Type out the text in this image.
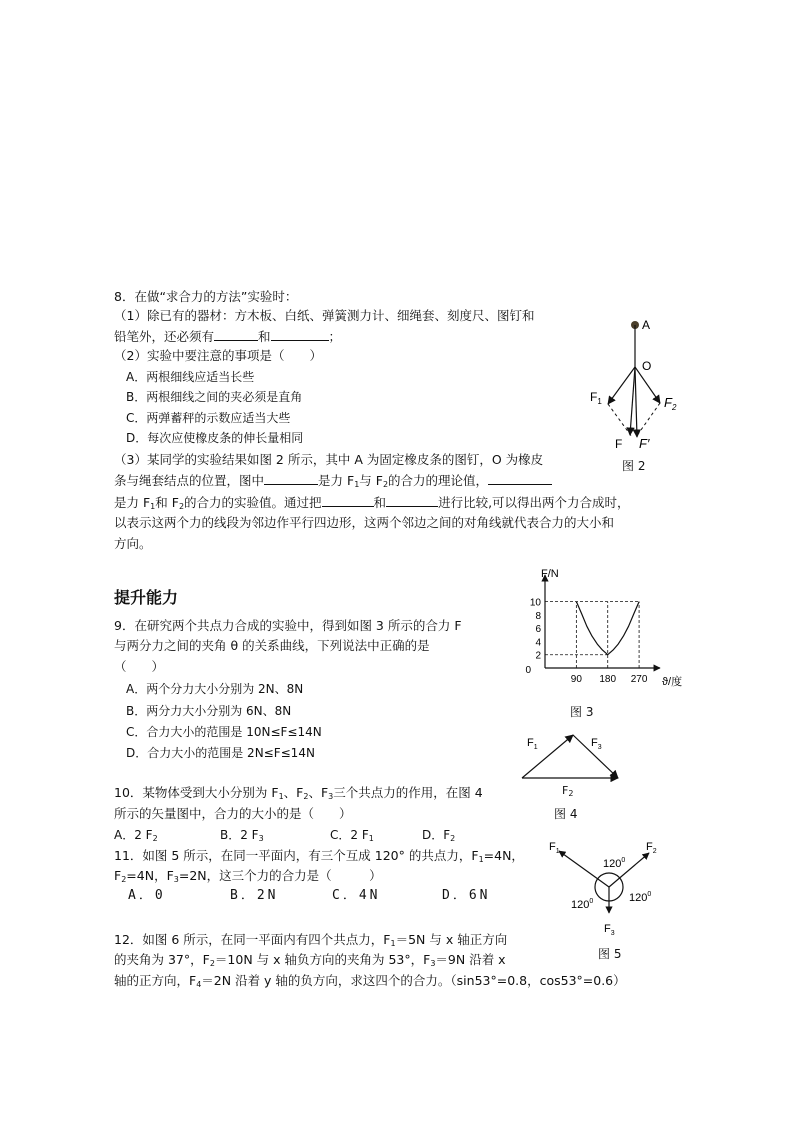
8．在做“求合力的方法”实验时：
（1）除已有的器材：方木板、白纸、弹簧测力计、细绳套、刻度尺、图钉和
铅笔外，还必须有	和	；
（2）实验中要注意的事项是（　　）
A．两根细线应适当长些
B．两根细线之间的夹必须是直角
C．两弹蓄秤的示数应适当大些
D．每次应使橡皮条的伸长量相同
（3）某同学的实验结果如图 2 所示，其中 A 为固定橡皮条的图钉，O 为橡皮
条与绳套结点的位置，图中	是力 $F_1$与 $F_2$的合力的理论值，
是力 $F_1$和 $F_2$的合力的实验值。通过把	和	进行比较,可以得出两个力合成时，
以表示这两个力的线段为邻边作平行四边形，这两个邻边之间的对角线就代表合力的大小和
方向。
A
O
$F_1$	$F_2$
F F′
图 2
提升能力
9．在研究两个共点力合成的实验中，得到如图 3 所示的合力 F
与两分力之间的夹角 θ 的关系曲线，下列说法中正确的是
（　　）
A．两个分力大小分别为 2N、8N
B．两分力大小分别为 6N、8N
C．合力大小的范围是 10N≤F≤14N
D．合力大小的范围是 2N≤F≤14N
F/N
ϑ/度
2
4
6
8
10
0
90 180 270
图 3
$F_1$	$F_3$
$F_2$
图 4
10．某物体受到大小分别为 $F_1$、$F_2$、$F_3$三个共点力的作用，在图 4
所示的矢量图中，合力的大小的是（　　）
A．2 $F_2$	B．2 $F_3$	C．2 $F_1$	D．$F_2$
11．如图 5 所示，在同一平面内，有三个互成 120° 的共点力，$F_1=4N$，
$F_2=4N$，$F_3=2N$，这三个力的合力是（　　　）
A．0	B．2N	C．4N	D．6N
$F_1$	$F_2$
$F_3$
$120^0$
$120^0$	$120^0$
图 5
12．如图 6 所示，在同一平面内有四个共点力，$F_1=5N$ 与 x 轴正方向
的夹角为 37°，$F_2=10N$ 与 x 轴负方向的夹角为 53°，$F_3=9N$ 沿着 x
轴的正方向，$F_4=2N$ 沿着 y 轴的负方向，求这四个的合力。（sin53°=0.8，cos53°=0.6）
